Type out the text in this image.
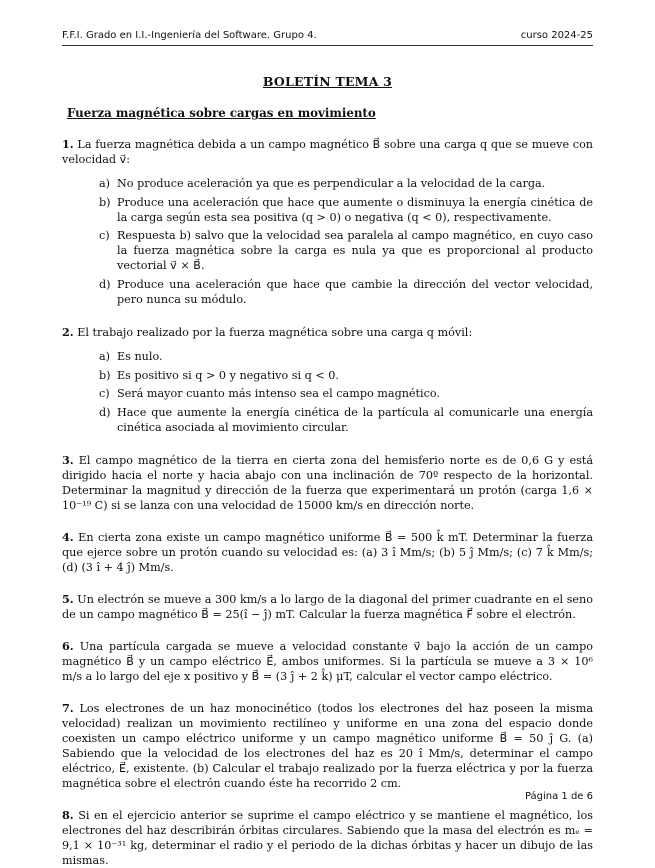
F.F.I. Grado en I.I.-Ingeniería del Software. Grupo 4.	curso 2024-25
BOLETÍN TEMA 3
Fuerza magnética sobre cargas en movimiento

1. La fuerza magnética debida a un campo magnético B⃗ sobre una carga q que se mueve con velocidad v⃗:

a) No produce aceleración ya que es perpendicular a la velocidad de la carga.
b) Produce una aceleración que hace que aumente o disminuya la energía cinética de la carga según esta sea positiva (q > 0) o negativa (q < 0), respectivamente.
c) Respuesta b) salvo que la velocidad sea paralela al campo magnético, en cuyo caso la fuerza magnética sobre la carga es nula ya que es proporcional al producto vectorial v⃗ × B⃗.
d) Produce una aceleración que hace que cambie la dirección del vector velocidad, pero nunca su módulo.

2. El trabajo realizado por la fuerza magnética sobre una carga q móvil:

a) Es nulo.
b) Es positivo si q > 0 y negativo si q < 0.
c) Será mayor cuanto más intenso sea el campo magnético.
d) Hace que aumente la energía cinética de la partícula al comunicarle una energía cinética asociada al movimiento circular.

3. El campo magnético de la tierra en cierta zona del hemisferio norte es de 0,6 G y está dirigido hacia el norte y hacia abajo con una inclinación de 70º respecto de la horizontal. Determinar la magnitud y dirección de la fuerza que experimentará un protón (carga 1,6 × 10⁻¹⁹ C) si se lanza con una velocidad de 15000 km/s en dirección norte.

4. En cierta zona existe un campo magnético uniforme B⃗ = 500 k̂ mT. Determinar la fuerza que ejerce sobre un protón cuando su velocidad es: (a) 3 î Mm/s; (b) 5 ĵ Mm/s; (c) 7 k̂ Mm/s; (d) (3 î + 4 ĵ) Mm/s.

5. Un electrón se mueve a 300 km/s a lo largo de la diagonal del primer cuadrante en el seno de un campo magnético B⃗ = 25(î − ĵ) mT. Calcular la fuerza magnética F⃗ sobre el electrón.

6. Una partícula cargada se mueve a velocidad constante v⃗ bajo la acción de un campo magnético B⃗ y un campo eléctrico E⃗, ambos uniformes. Si la partícula se mueve a 3 × 10⁶ m/s a lo largo del eje x positivo y B⃗ = (3 ĵ + 2 k̂) μT, calcular el vector campo eléctrico.

7. Los electrones de un haz monocinético (todos los electrones del haz poseen la misma velocidad) realizan un movimiento rectilíneo y uniforme en una zona del espacio donde coexisten un campo eléctrico uniforme y un campo magnético uniforme B⃗ = 50 ĵ G. (a) Sabiendo que la velocidad de los electrones del haz es 20 î Mm/s, determinar el campo eléctrico, E⃗, existente. (b) Calcular el trabajo realizado por la fuerza eléctrica y por la fuerza magnética sobre el electrón cuando éste ha recorrido 2 cm.

8. Si en el ejercicio anterior se suprime el campo eléctrico y se mantiene el magnético, los electrones del haz describirán órbitas circulares. Sabiendo que la masa del electrón es mₑ = 9,1 × 10⁻³¹ kg, determinar el radio y el periodo de la dichas órbitas y hacer un dibujo de las mismas.

Página 1 de 6
